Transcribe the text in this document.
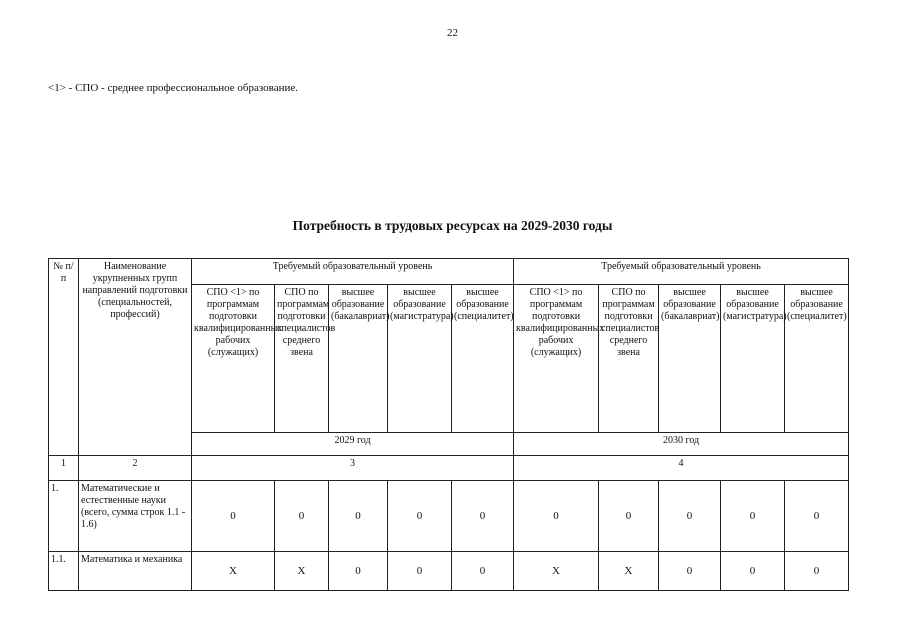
22
<1> - СПО - среднее профессиональное образование.
Потребность в трудовых ресурсах на 2029-2030 годы
№ п/п	Наименование укрупненных групп направлений подготовки (специальностей, профессий)	Требуемый образовательный уровень					Требуемый образовательный уровень				
		СПО <1> по программам подготовки квалифицированных рабочих (служащих)	СПО по программам подготовки специалистов среднего звена	высшее образование (бакалавриат)	высшее образование (магистратура)	высшее образование (специалитет)	СПО <1> по программам подготовки квалифицированных рабочих (служащих)	СПО по программам подготовки специалистов среднего звена	высшее образование (бакалавриат)	высшее образование (магистратура)	высшее образование (специалитет)
		2029 год					2030 год				
1	2	3					4				
1.	Математические и естественные науки (всего, сумма строк 1.1 - 1.6)	0	0	0	0	0	0	0	0	0	0
1.1.	Математика и механика	X	X	0	0	0	X	X	0	0	0
